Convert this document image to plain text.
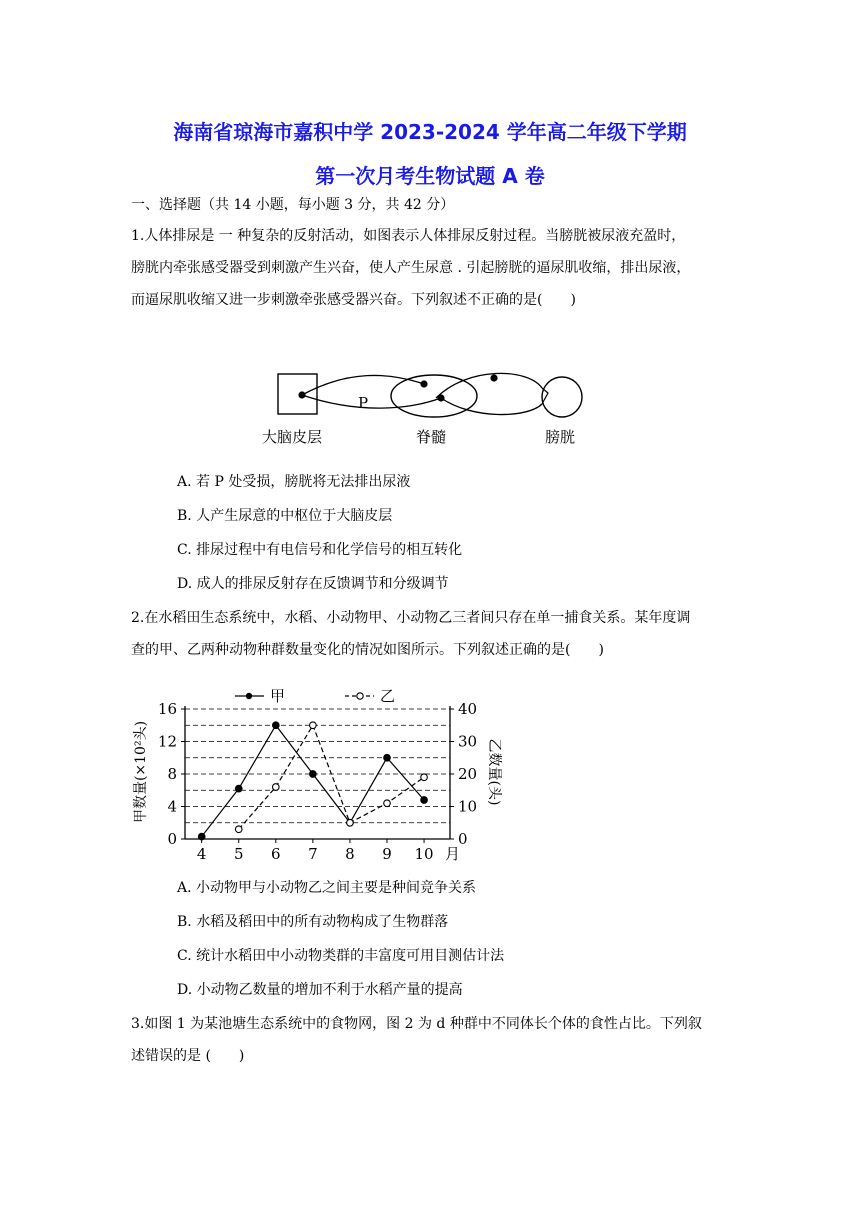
海南省琼海市嘉积中学 2023-2024 学年高二年级下学期
第一次月考生物试题 A 卷
一、选择题（共 14 小题，每小题 3 分，共 42 分）
1.人体排尿是 一 种复杂的反射活动，如图表示人体排尿反射过程。当膀胱被尿液充盈时，
膀胱内牵张感受器受到刺激产生兴奋，使人产生尿意 . 引起膀胱的逼尿肌收缩，排出尿液，
而逼尿肌收缩又进一步刺激牵张感受器兴奋。下列叙述不正确的是(　　)
P
大脑皮层	脊髓	膀胱
A. 若 P 处受损，膀胱将无法排出尿液
B. 人产生尿意的中枢位于大脑皮层
C. 排尿过程中有电信号和化学信号的相互转化
D. 成人的排尿反射存在反馈调节和分级调节
2.在水稻田生态系统中，水稻、小动物甲、小动物乙三者间只存在单一捕食关系。某年度调
查的甲、乙两种动物种群数量变化的情况如图所示。下列叙述正确的是(　　)
0
4
8
12
16
0
10
20
30
40
4 5 6 7 8 9 10
甲	乙
月
甲数量(×10²头)	乙数量(头)
A. 小动物甲与小动物乙之间主要是种间竞争关系
B. 水稻及稻田中的所有动物构成了生物群落
C. 统计水稻田中小动物类群的丰富度可用目测估计法
D. 小动物乙数量的增加不利于水稻产量的提高
3.如图 1 为某池塘生态系统中的食物网，图 2 为 d 种群中不同体长个体的食性占比。下列叙
述错误的是 (　　)
